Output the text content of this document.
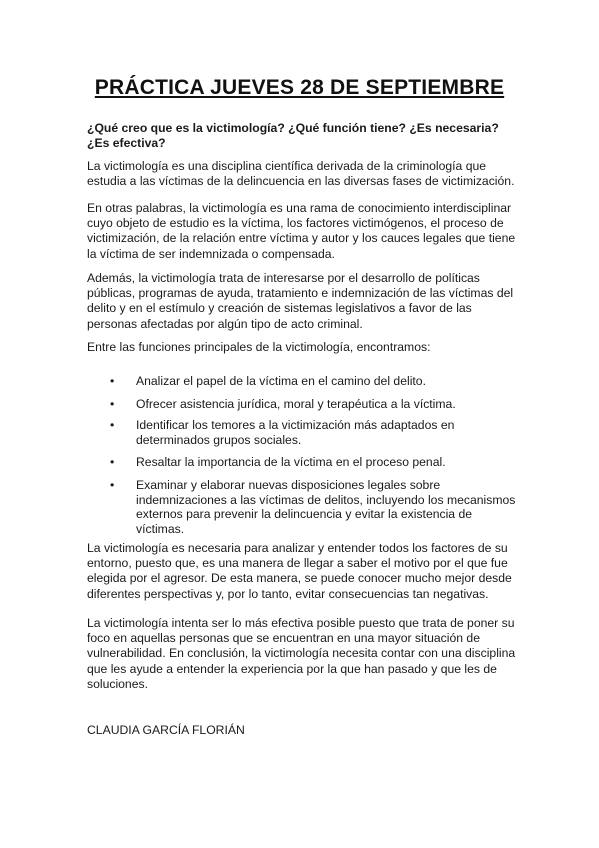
PRÁCTICA JUEVES 28 DE SEPTIEMBRE

¿Qué creo que es la victimología? ¿Qué función tiene? ¿Es necesaria? ¿Es efectiva?

La victimología es una disciplina científica derivada de la criminología que estudia a las víctimas de la delincuencia en las diversas fases de victimización.

En otras palabras, la victimología es una rama de conocimiento interdisciplinar cuyo objeto de estudio es la víctima, los factores victimógenos, el proceso de victimización, de la relación entre víctima y autor y los cauces legales que tiene la víctima de ser indemnizada o compensada.

Además, la victimología trata de interesarse por el desarrollo de políticas públicas, programas de ayuda, tratamiento e indemnización de las víctimas del delito y en el estímulo y creación de sistemas legislativos a favor de las personas afectadas por algún tipo de acto criminal.

Entre las funciones principales de la victimología, encontramos:

• Analizar el papel de la víctima en el camino del delito.
• Ofrecer asistencia jurídica, moral y terapéutica a la víctima.
• Identificar los temores a la victimización más adaptados en determinados grupos sociales.
• Resaltar la importancia de la víctima en el proceso penal.
• Examinar y elaborar nuevas disposiciones legales sobre indemnizaciones a las víctimas de delitos, incluyendo los mecanismos externos para prevenir la delincuencia y evitar la existencia de víctimas.

La victimología es necesaria para analizar y entender todos los factores de su entorno, puesto que, es una manera de llegar a saber el motivo por el que fue elegida por el agresor. De esta manera, se puede conocer mucho mejor desde diferentes perspectivas y, por lo tanto, evitar consecuencias tan negativas.

La victimología intenta ser lo más efectiva posible puesto que trata de poner su foco en aquellas personas que se encuentran en una mayor situación de vulnerabilidad. En conclusión, la victimología necesita contar con una disciplina que les ayude a entender la experiencia por la que han pasado y que les de soluciones.

CLAUDIA GARCÍA FLORIÁN
